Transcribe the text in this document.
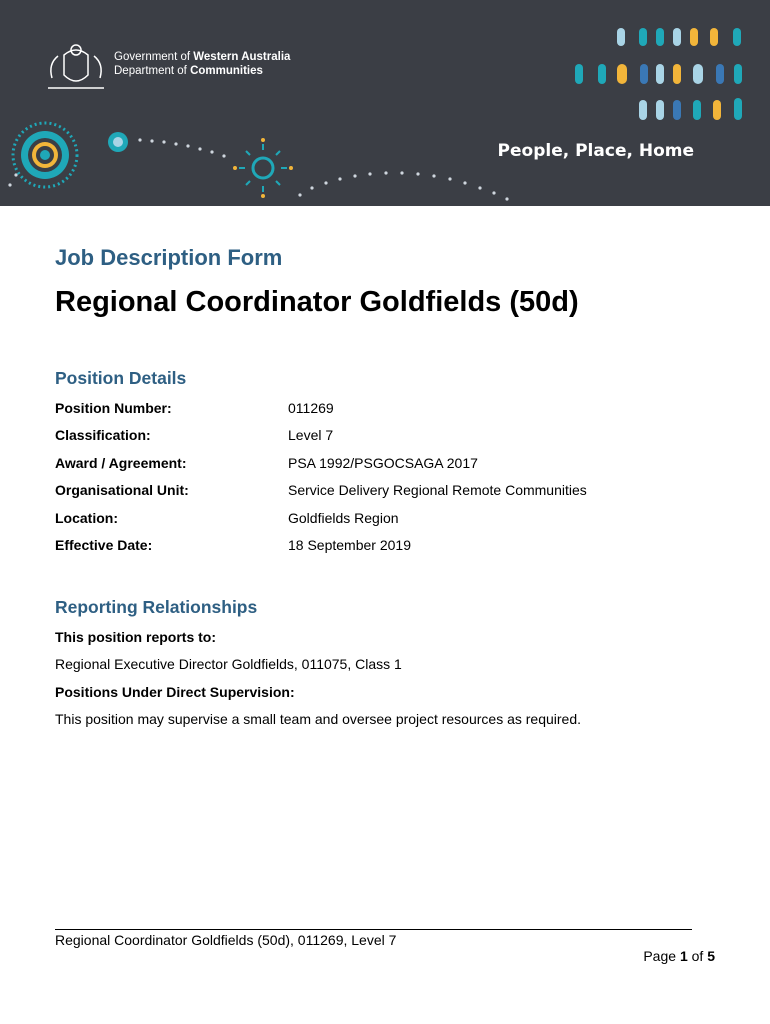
Government of Western Australia
Department of Communities
People, Place, Home
Job Description Form
Regional Coordinator Goldfields (50d)
Position Details
Position Number:	011269
Classification:	Level 7
Award / Agreement:	PSA 1992/PSGOCSAGA 2017
Organisational Unit:	Service Delivery Regional Remote Communities
Location:	Goldfields Region
Effective Date:	18 September 2019
Reporting Relationships
This position reports to:
Regional Executive Director Goldfields, 011075, Class 1
Positions Under Direct Supervision:
This position may supervise a small team and oversee project resources as required.
Regional Coordinator Goldfields (50d), 011269, Level 7
Page 1 of 5
